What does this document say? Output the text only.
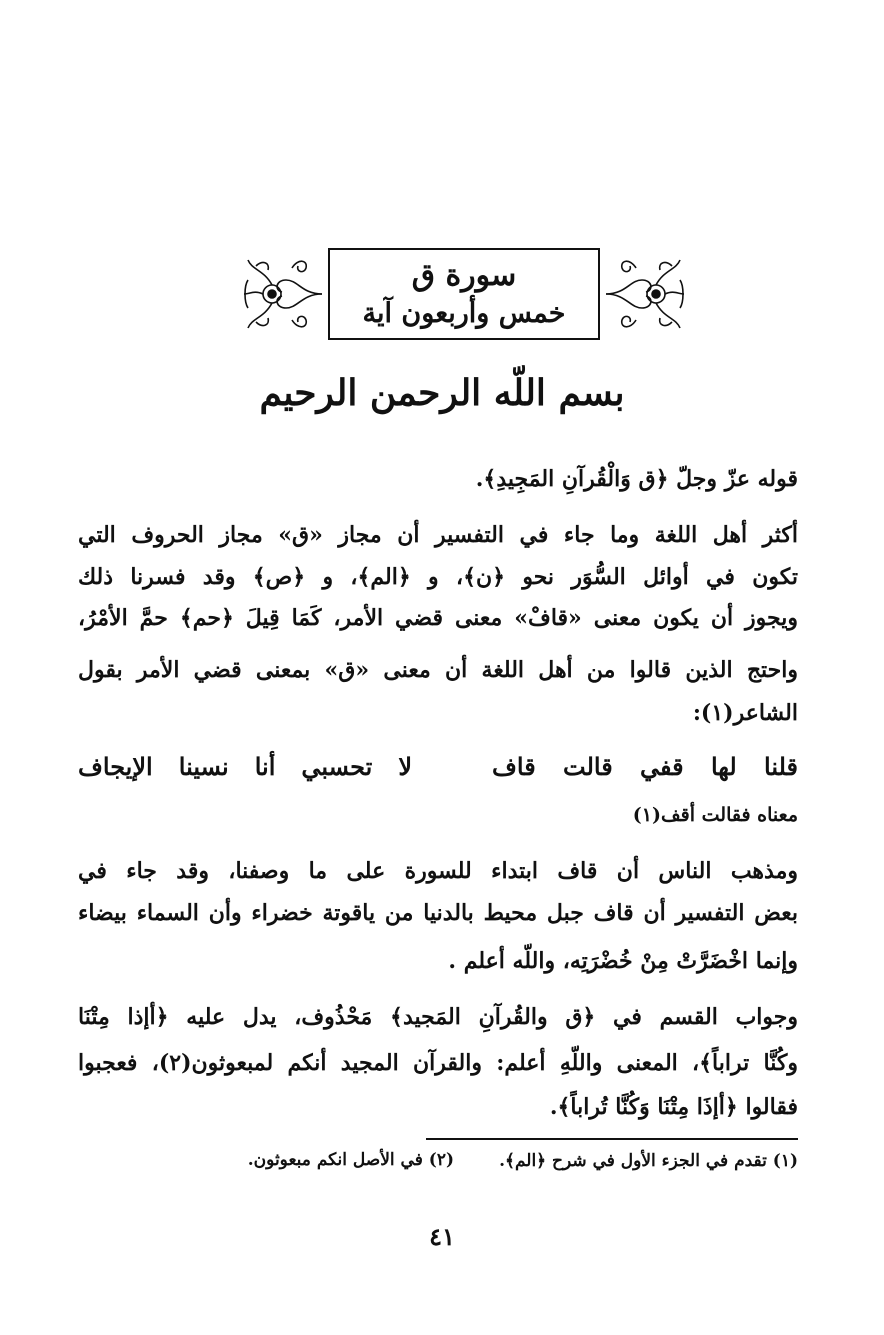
سورة ق
خمس وأربعون آية
بسم اللّه الرحمن الرحيم
قوله عزّ وجلّ ﴿ق وَالْقُرآنِ المَجِيدِ﴾.
أكثر أهل اللغة وما جاء في التفسير أن مجاز «ق» مجاز الحروف التي
تكون في أوائل السُّوَر نحو ﴿ن﴾، و ﴿الم﴾، و ﴿ص﴾ وقد فسرنا ذلك
ويجوز أن يكون معنى «قافْ» معنى قضي الأمر، كَمَا قِيلَ ﴿حم﴾ حمَّ الأمْرُ،
واحتج الذين قالوا من أهل اللغة أن معنى «ق» بمعنى قضي الأمر بقول
الشاعر(١):
قلنا لها قفي قالت قاف
لا تحسبي أنا نسينا الإيجاف
معناه فقالت أقف(١)
ومذهب الناس أن قاف ابتداء للسورة على ما وصفنا، وقد جاء في
بعض التفسير أن قاف جبل محيط بالدنيا من ياقوتة خضراء وأن السماء بيضاء
وإنما اخْضَرَّتْ مِنْ خُضْرَتِه، واللّه أعلم .
وجواب القسم في ﴿ق والقُرآنِ المَجيد﴾ مَحْذُوف، يدل عليه ﴿أإذا مِتْنَا
وكُنَّا تراباً﴾، المعنى واللّهِ أعلم: والقرآن المجيد أنكم لمبعوثون(٢)، فعجبوا
فقالوا ﴿أإذَا مِتْنَا وَكُنَّا تُراباً﴾.
(١) تقدم في الجزء الأول في شرح ﴿الم﴾.
(٢) في الأصل انكم مبعوثون.
٤١
